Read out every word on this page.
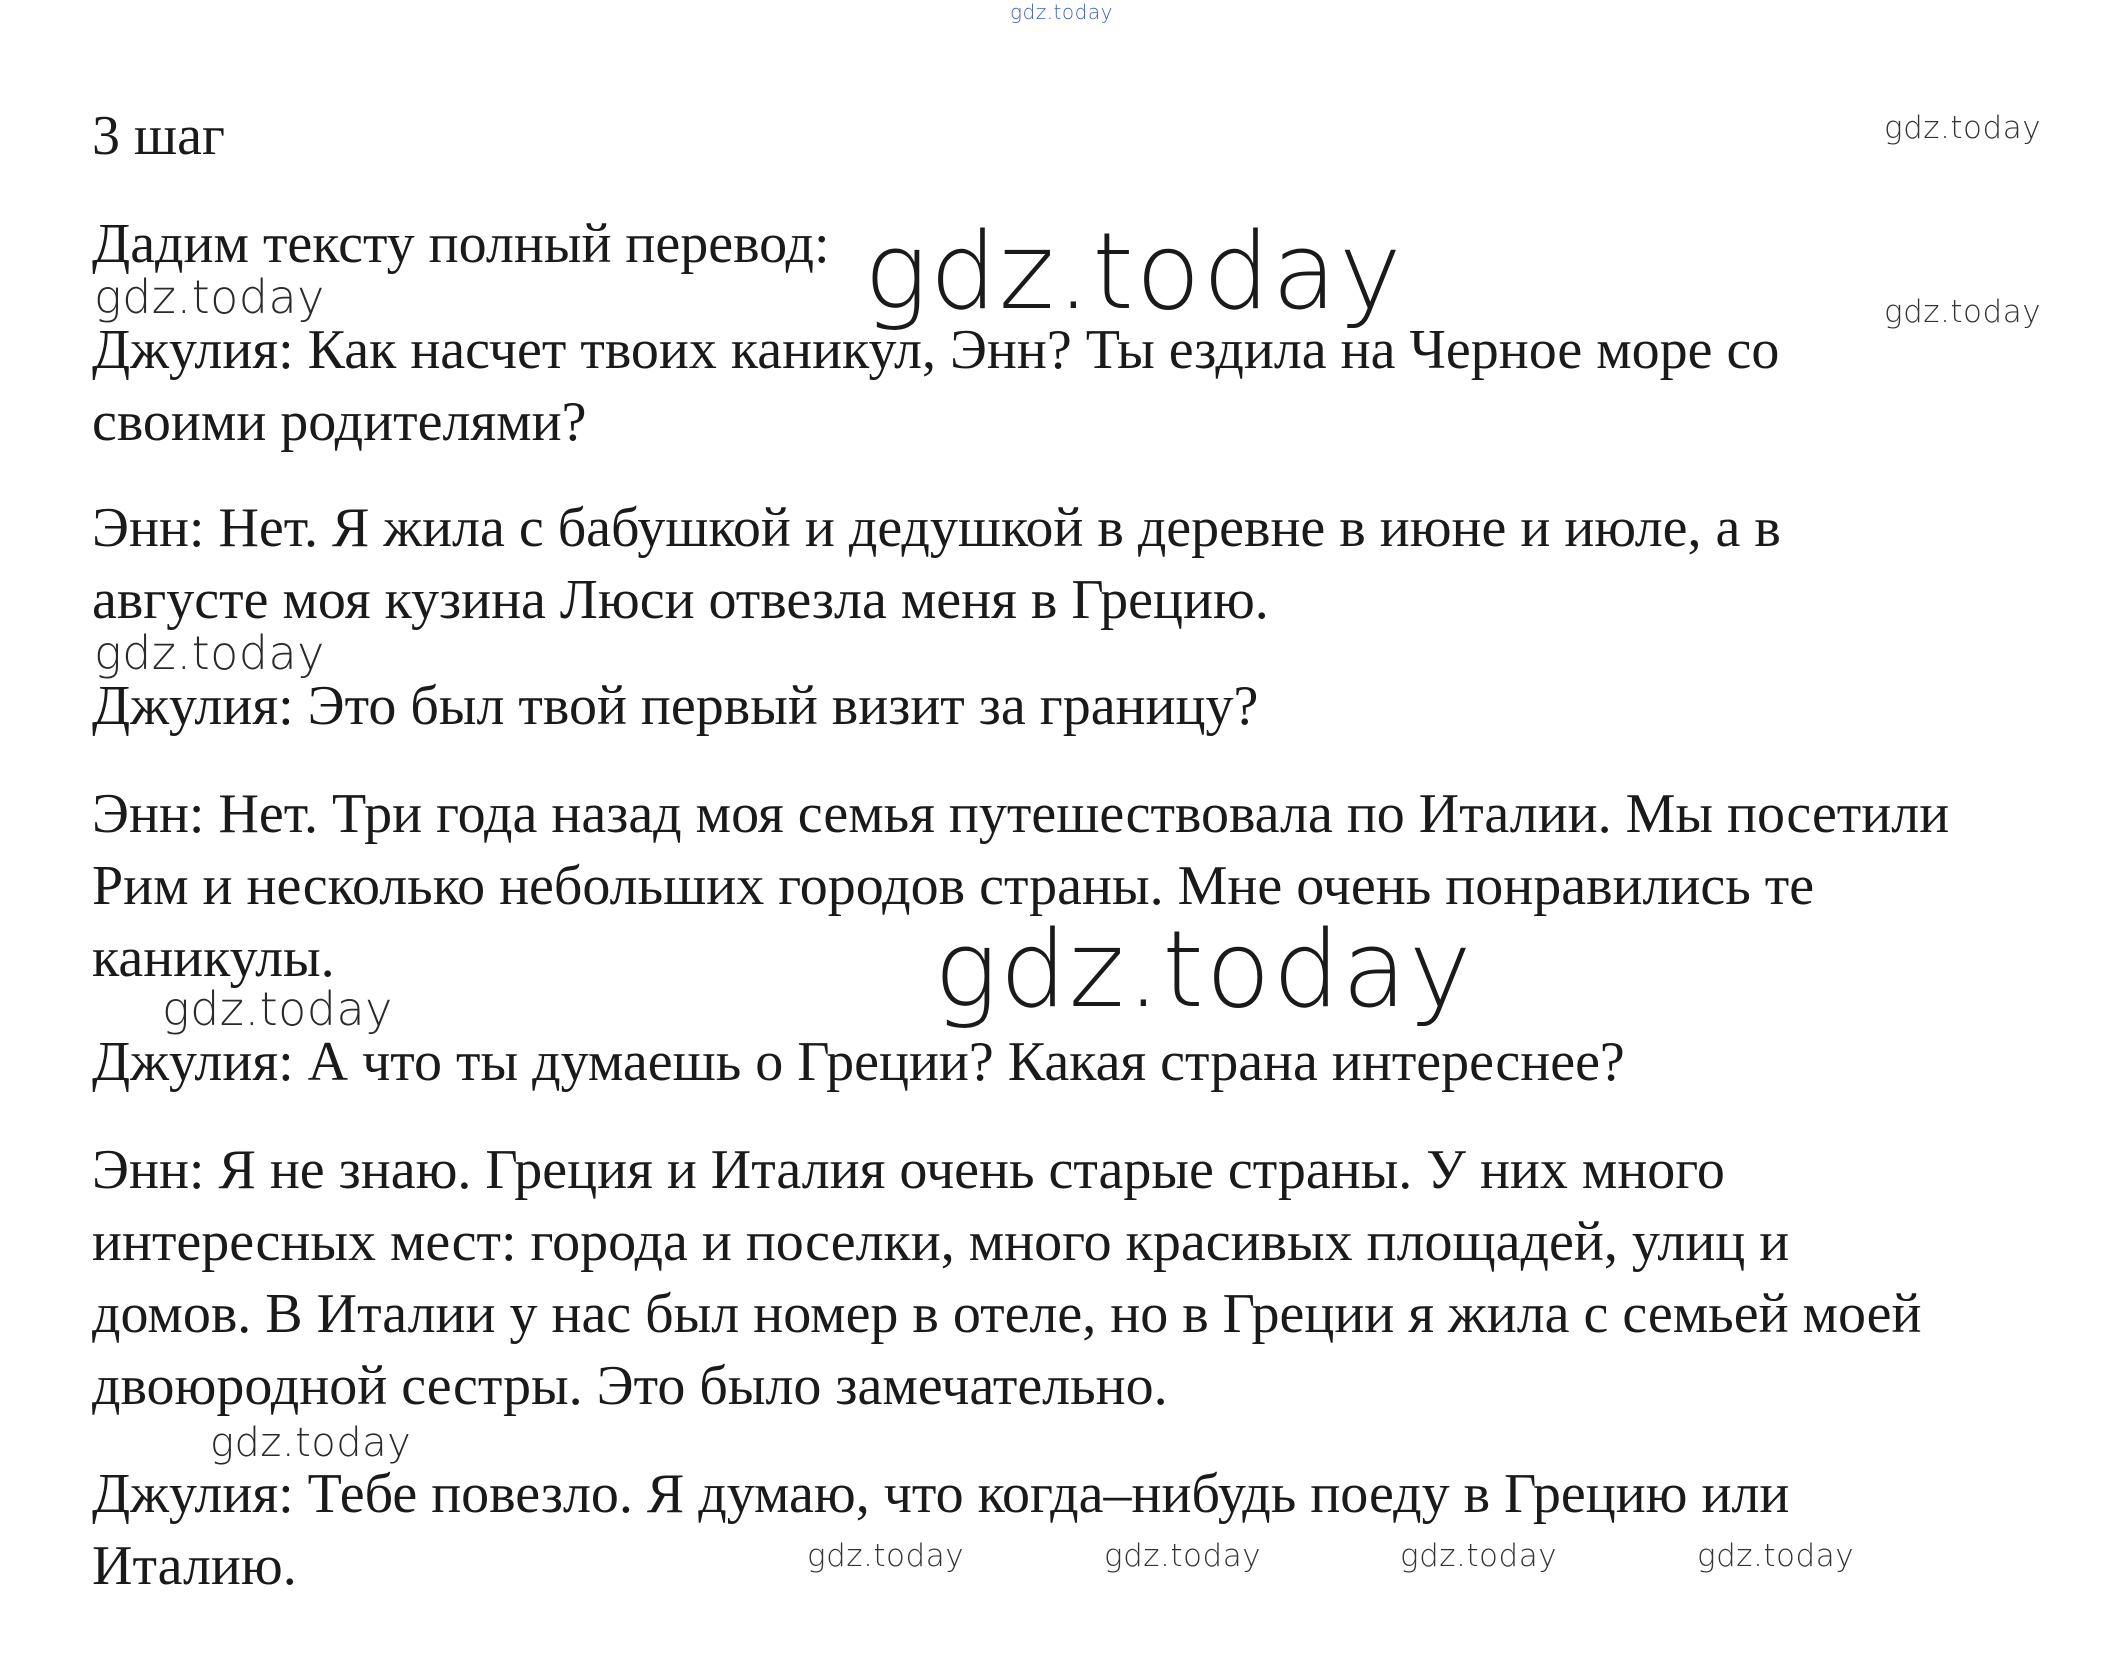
gdz.today
gdz.today
gdz.today
gdz.today
gdz.today
gdz.today
gdz.today
gdz.today
gdz.today
gdz.today	gdz.today	gdz.today	gdz.today
3 шаг
Дадим тексту полный перевод:
Джулия: Как насчет твоих каникул, Энн? Ты ездила на Черное море со
своими родителями?
Энн: Нет. Я жила с бабушкой и дедушкой в деревне в июне и июле, а в
августе моя кузина Люси отвезла меня в Грецию.
Джулия: Это был твой первый визит за границу?
Энн: Нет. Три года назад моя семья путешествовала по Италии. Мы посетили
Рим и несколько небольших городов страны. Мне очень понравились те
каникулы.
Джулия: А что ты думаешь о Греции? Какая страна интереснее?
Энн: Я не знаю. Греция и Италия очень старые страны. У них много
интересных мест: города и поселки, много красивых площадей, улиц и
домов. В Италии у нас был номер в отеле, но в Греции я жила с семьей моей
двоюродной сестры. Это было замечательно.
Джулия: Тебе повезло. Я думаю, что когда–нибудь поеду в Грецию или
Италию.
